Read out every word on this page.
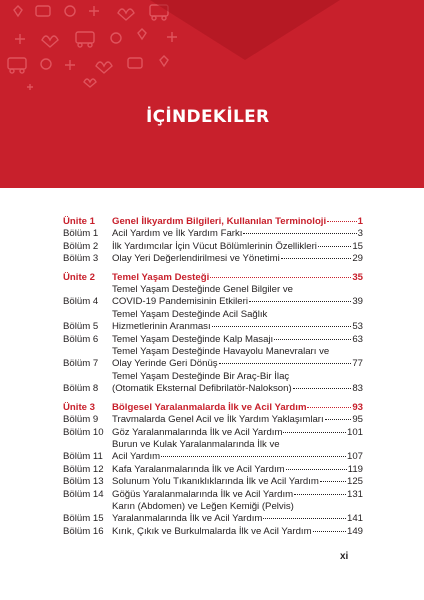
İÇİNDEKİLER
Ünite 1	Genel İlkyardım Bilgileri, Kullanılan Terminoloji	1
Bölüm 1	Acil Yardım ve İlk Yardım Farkı	3
Bölüm 2	İlk Yardımcılar İçin Vücut Bölümlerinin Özellikleri	15
Bölüm 3	Olay Yeri Değerlendirilmesi ve Yönetimi	29
Ünite 2	Temel Yaşam Desteği	35
Bölüm 4
Temel Yaşam Desteğinde Genel Bilgiler ve
COVID-19 Pandemisinin Etkileri	39
Bölüm 5
Temel Yaşam Desteğinde Acil Sağlık
Hizmetlerinin Aranması	53
Bölüm 6	Temel Yaşam Desteğinde Kalp Masajı	63
Bölüm 7
Temel Yaşam Desteğinde Havayolu Manevraları ve
Olay Yerinde Geri Dönüş	77
Bölüm 8
Temel Yaşam Desteğinde Bir Araç-Bir İlaç
(Otomatik Eksternal Defibrilatör-Nalokson)	83
Ünite 3	Bölgesel Yaralanmalarda İlk ve Acil Yardım	93
Bölüm 9	Travmalarda Genel Acil ve İlk Yardım Yaklaşımları	95
Bölüm 10 Göz Yaralanmalarında İlk ve Acil Yardım	101
Bölüm 11
Burun ve Kulak Yaralanmalarında İlk ve
Acil Yardım	107
Bölüm 12 Kafa Yaralanmalarında İlk ve Acil Yardım	119
Bölüm 13 Solunum Yolu Tıkanıklıklarında İlk ve Acil Yardım	125
Bölüm 14 Göğüs Yaralanmalarında İlk ve Acil Yardım	131
Bölüm 15
Karın (Abdomen) ve Leğen Kemiği (Pelvis)
Yaralanmalarında İlk ve Acil Yardım	141
Bölüm 16 Kırık, Çıkık ve Burkulmalarda İlk ve Acil Yardım	149
xi
